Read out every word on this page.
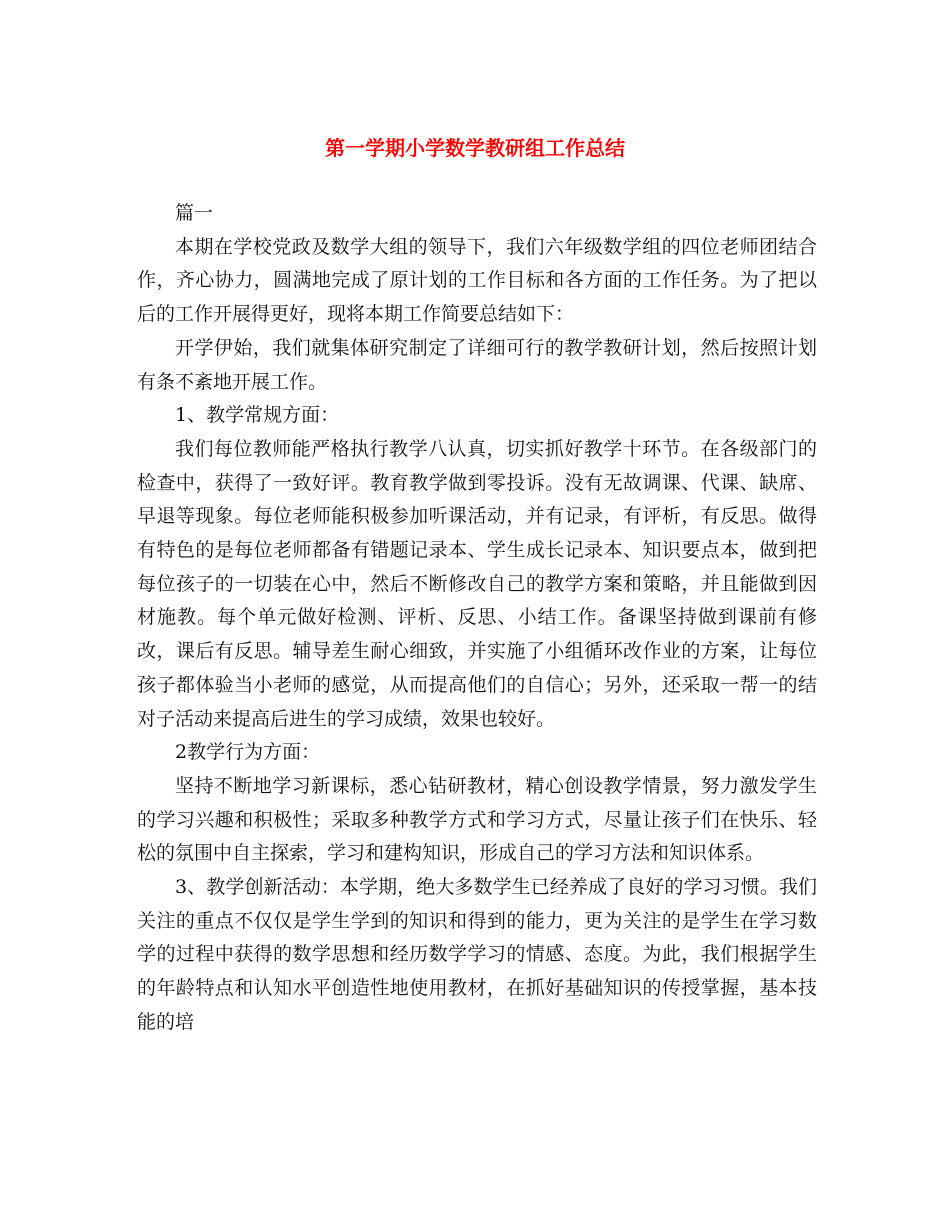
第一学期小学数学教研组工作总结

篇一

本期在学校党政及数学大组的领导下，我们六年级数学组的四位老师团结合作，齐心协力，圆满地完成了原计划的工作目标和各方面的工作任务。为了把以后的工作开展得更好，现将本期工作简要总结如下：

开学伊始，我们就集体研究制定了详细可行的教学教研计划，然后按照计划有条不紊地开展工作。

1、教学常规方面：

我们每位教师能严格执行教学八认真，切实抓好教学十环节。在各级部门的检查中，获得了一致好评。教育教学做到零投诉。没有无故调课、代课、缺席、早退等现象。每位老师能积极参加听课活动，并有记录，有评析，有反思。做得有特色的是每位老师都备有错题记录本、学生成长记录本、知识要点本，做到把每位孩子的一切装在心中，然后不断修改自己的教学方案和策略，并且能做到因材施教。每个单元做好检测、评析、反思、小结工作。备课坚持做到课前有修改，课后有反思。辅导差生耐心细致，并实施了小组循环改作业的方案，让每位孩子都体验当小老师的感觉，从而提高他们的自信心；另外，还采取一帮一的结对子活动来提高后进生的学习成绩，效果也较好。

2教学行为方面：

坚持不断地学习新课标，悉心钻研教材，精心创设教学情景，努力激发学生的学习兴趣和积极性；采取多种教学方式和学习方式，尽量让孩子们在快乐、轻松的氛围中自主探索，学习和建构知识，形成自己的学习方法和知识体系。

3、教学创新活动：本学期，绝大多数学生已经养成了良好的学习习惯。我们关注的重点不仅仅是学生学到的知识和得到的能力，更为关注的是学生在学习数学的过程中获得的数学思想和经历数学学习的情感、态度。为此，我们根据学生的年龄特点和认知水平创造性地使用教材，在抓好基础知识的传授掌握，基本技能的培
